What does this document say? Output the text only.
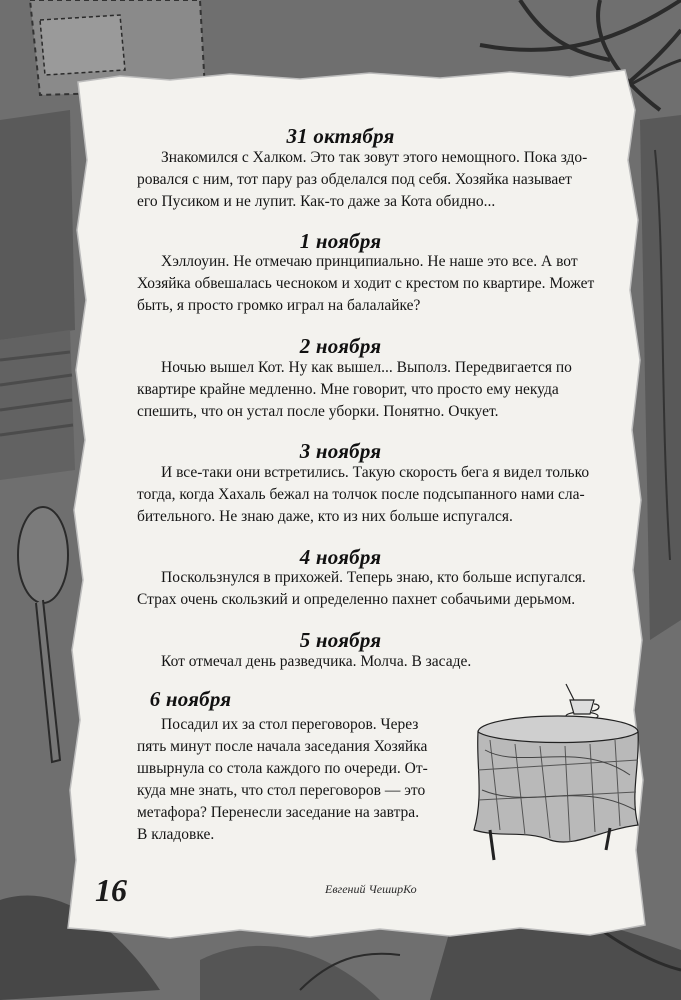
31 октября
Знакомился с Халком. Это так зовут этого немощного. Пока здо-
ровался с ним, тот пару раз обделался под себя. Хозяйка называет
его Пусиком и не лупит. Как-то даже за Кота обидно...
1 ноября
Хэллоуин. Не отмечаю принципиально. Не наше это все. А вот
Хозяйка обвешалась чесноком и ходит с крестом по квартире. Может
быть, я просто громко играл на балалайке?
2 ноября
Ночью вышел Кот. Ну как вышел... Выполз. Передвигается по
квартире крайне медленно. Мне говорит, что просто ему некуда
спешить, что он устал после уборки. Понятно. Очкует.
3 ноября
И все-таки они встретились. Такую скорость бега я видел только
тогда, когда Хахаль бежал на толчок после подсыпанного нами сла-
бительного. Не знаю даже, кто из них больше испугался.
4 ноября
Поскользнулся в прихожей. Теперь знаю, кто больше испугался.
Страх очень скользкий и определенно пахнет собачьими дерьмом.
5 ноября
Кот отмечал день разведчика. Молча. В засаде.
6 ноября
Посадил их за стол переговоров. Через
пять минут после начала заседания Хозяйка
швырнула со стола каждого по очереди. От-
куда мне знать, что стол переговоров — это
метафора? Перенесли заседание на завтра.
В кладовке.
16	Евгений ЧеширКо
